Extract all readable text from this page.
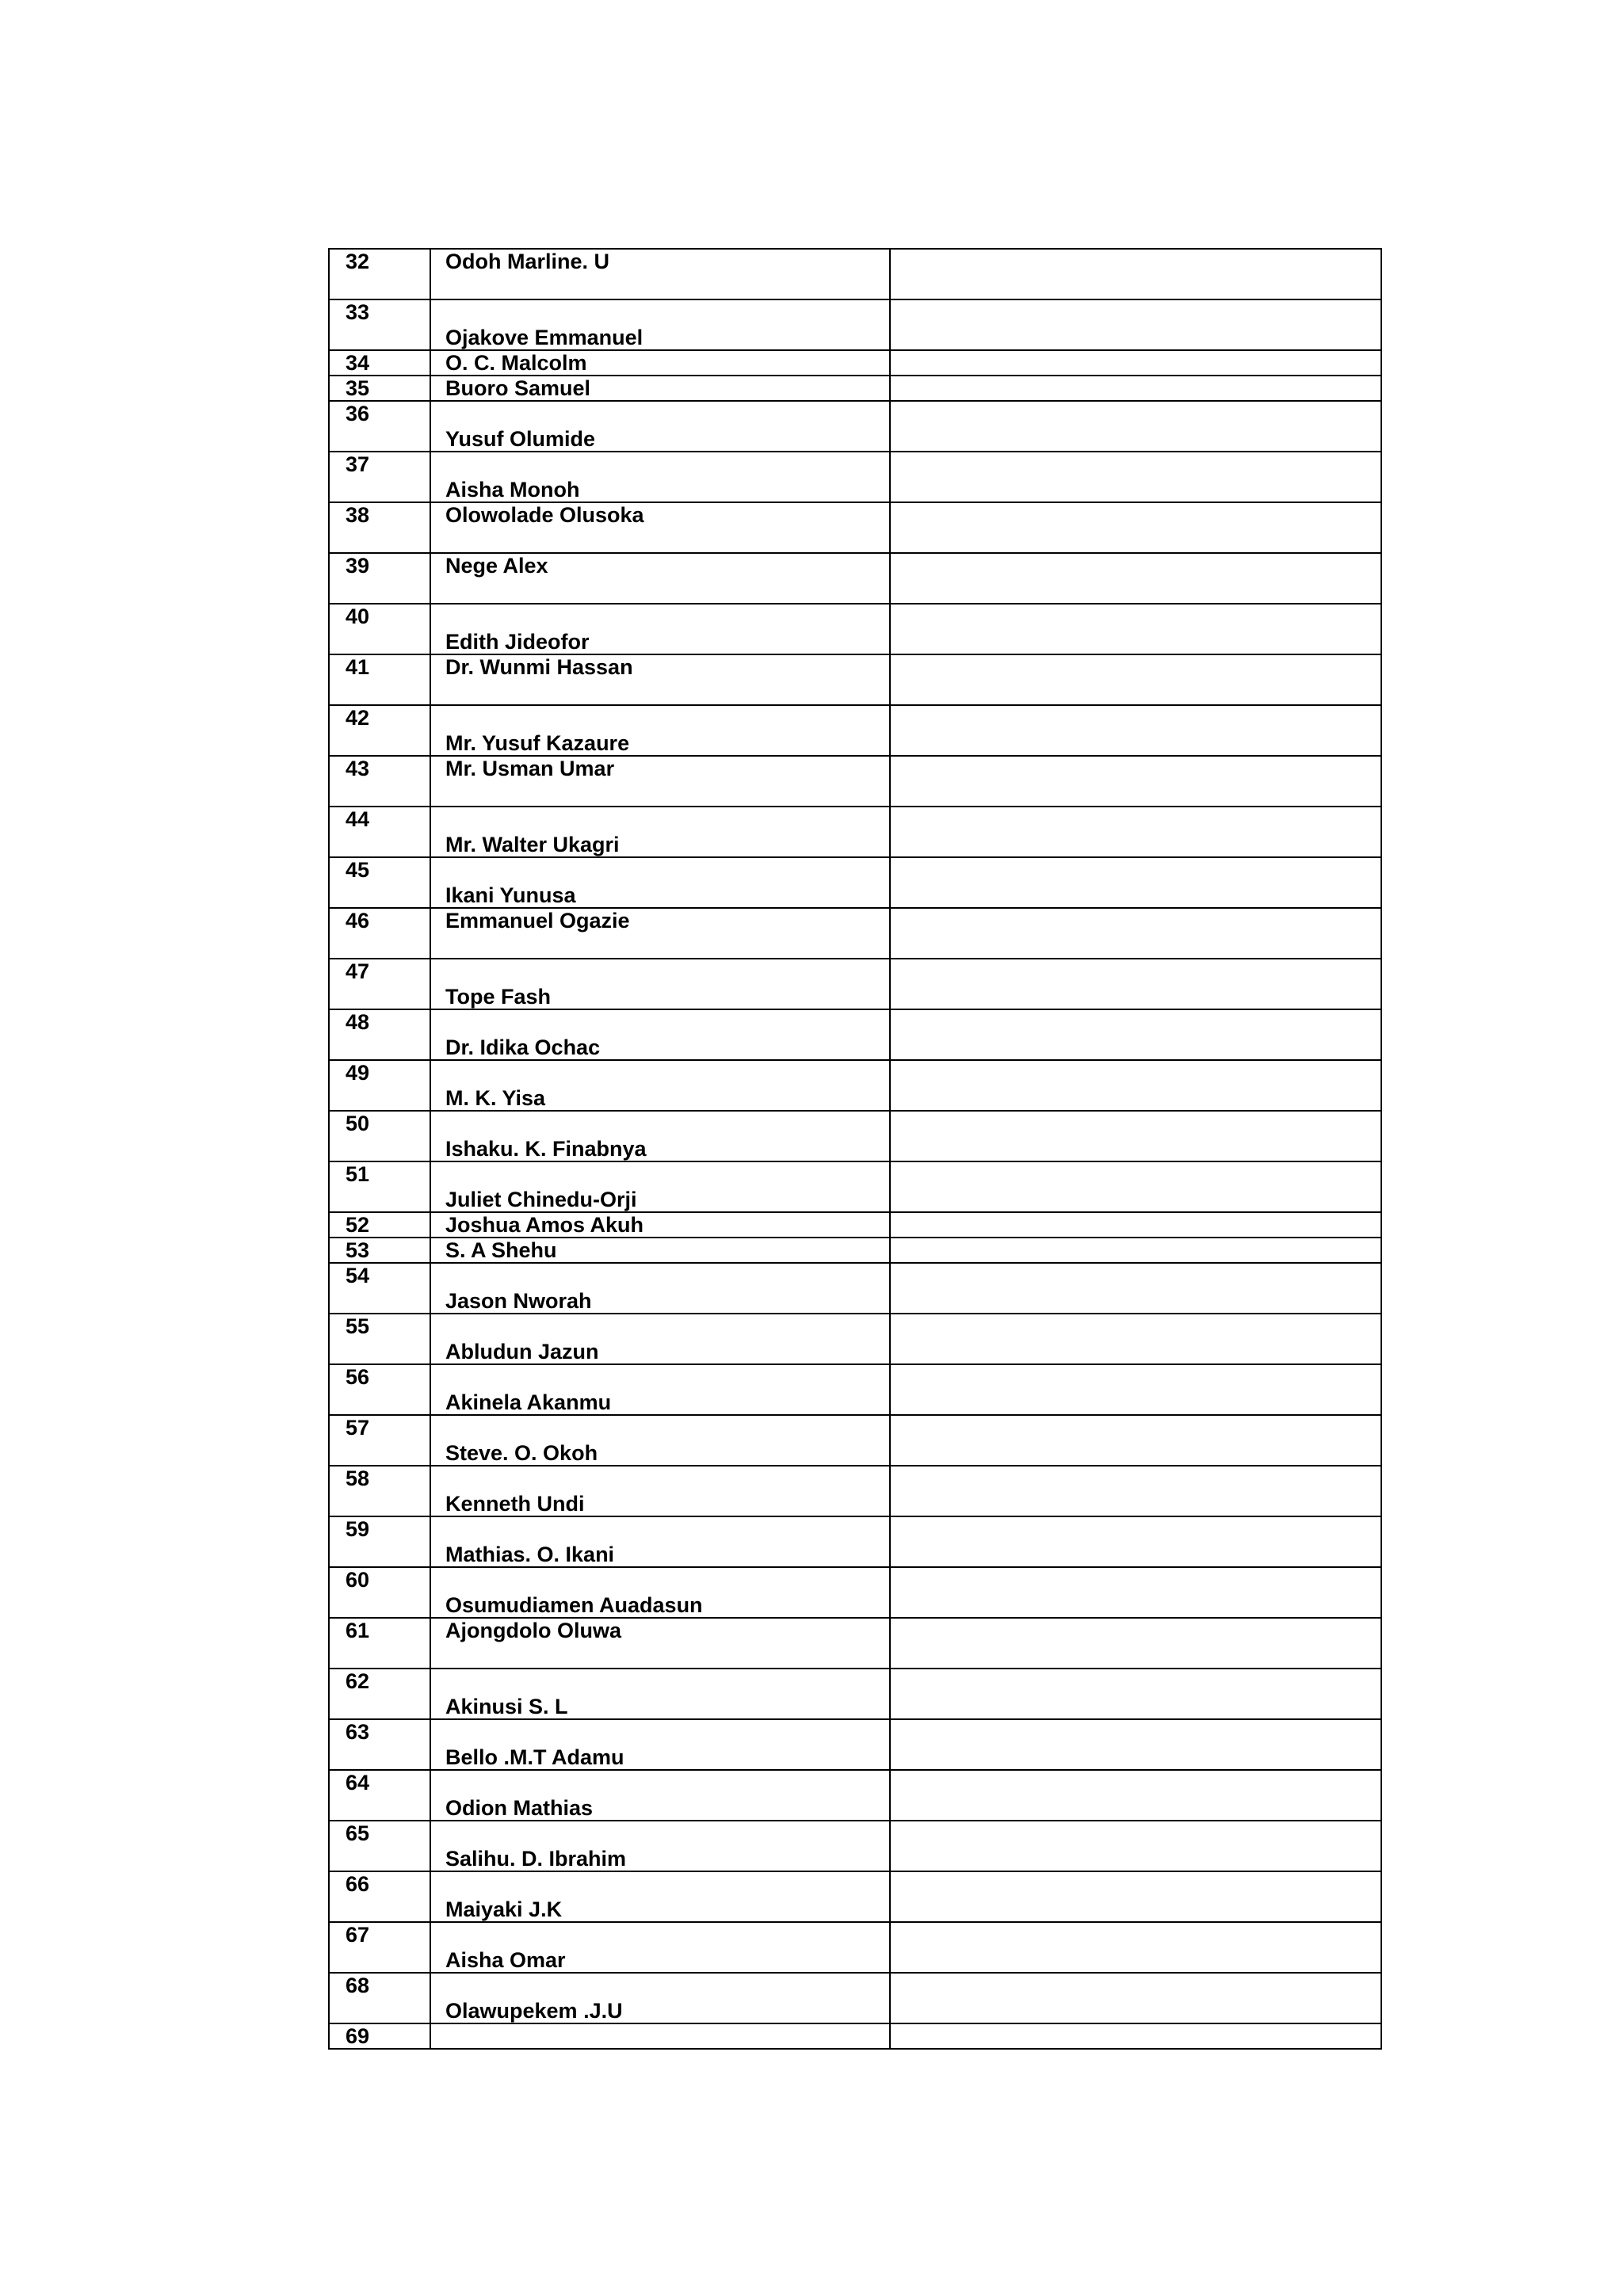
32	Odoh Marline. U	

33	Ojakove Emmanuel	

34	O. C. Malcolm	

35	Buoro Samuel	

36	Yusuf Olumide	

37	Aisha Monoh	

38	Olowolade Olusoka	

39	Nege Alex	

40	Edith Jideofor	

41	Dr. Wunmi Hassan	

42	Mr. Yusuf Kazaure	

43	Mr. Usman Umar	

44	Mr. Walter Ukagri	

45	Ikani Yunusa	

46	Emmanuel Ogazie	

47	Tope Fash	

48	Dr. Idika Ochac	

49	M. K. Yisa	

50	Ishaku. K. Finabnya	

51	Juliet Chinedu-Orji	

52	Joshua Amos Akuh	

53	S. A Shehu	

54	Jason Nworah	

55	Abludun Jazun	

56	Akinela Akanmu	

57	Steve. O. Okoh	

58	Kenneth Undi	

59	Mathias. O. Ikani	

60	Osumudiamen Auadasun	

61	Ajongdolo Oluwa	

62	Akinusi S. L	

63	Bello .M.T Adamu	

64	Odion Mathias	

65	Salihu. D. Ibrahim	

66	Maiyaki J.K	

67	Aisha Omar	

68	Olawupekem .J.U	

69	
